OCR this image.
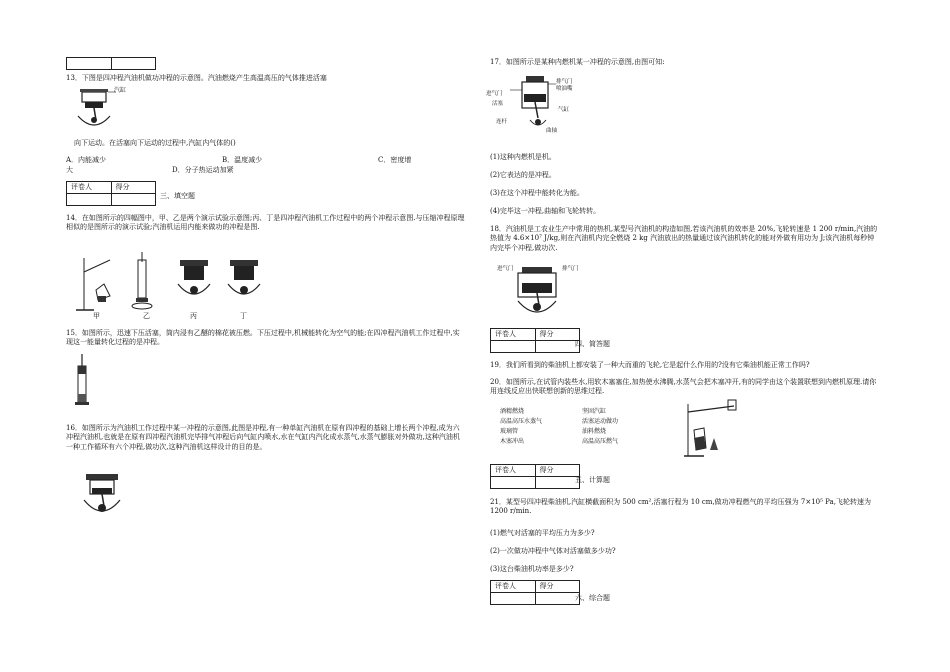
13．下图是四冲程汽油机做功冲程的示意图。汽油燃烧产生高温高压的气体推进活塞
汽缸
向下运动。在活塞向下运动的过程中,汽缸内气体的()
A．内能减少	B．温度减少	C．密度增
大	D．分子热运动加紧
评卷人	得分

三、填空题
14．在如图所示的四幅图中，甲、乙是两个演示试验示意图;丙、丁是四冲程汽油机工作过程中的两个冲程示意图.与压缩冲程原理相似的是图所示的演示试验;汽油机运用内能来做功的冲程是图.
甲	乙	丙	丁
15．如图所示，迅速下压活塞，筒内浸有乙醚的棉花被压燃。下压过程中,机械能转化为空气的能;在四冲程汽油机工作过程中,实现这一能量转化过程的是冲程。
16．如图所示为汽油机工作过程中某一冲程的示意图,此图是冲程,有一种单缸汽油机在原有四冲程的基础上增长两个冲程,成为六冲程汽油机,也就是在原有四冲程汽油机完毕排气冲程后向气缸内喷水,水在气缸内汽化成水蒸气,水蒸气膨胀对外做功,这种汽油机一种工作循环有六个冲程,做功次,这种汽油机这样设计的目的是。
17．如图所示是某种内燃机某一冲程的示意图,由图可知:
排气门
喷油嘴
进气门
活塞
气缸
连杆
曲轴
(1)这种内燃机是机。
(2)它表达的是冲程。
(3)在这个冲程中能转化为能。
(4)完毕这一冲程,曲轴和飞轮转转。
18．汽油机是工农业生产中常用的热机,某型号汽油机的构造如图,若该汽油机的效率是 20%,飞轮转速是 1 200 r/min,汽油的热值为 4.6×10⁷ J/kg,则在汽油机内完全燃烧 2 kg 汽油放出的热量通过该汽油机转化的能对外做有用功为 J;该汽油机每秒钟内完毕个冲程,做功次.
进气门	排气门
评卷人	得分

四、简答题
19．我们所看到的柴油机上都安装了一种大而重的飞轮,它是起什么作用的?没有它柴油机能正常工作吗?
20．如图所示,在试管内装些水,用软木塞塞住,加热使水沸腾,水蒸气会把木塞冲开,有的同学由这个装置联想到内燃机原理.请你用连线反应出快联想创新的思维过程.
酒精燃烧
高温高压水蒸气
玻璃管
木塞冲出
坚固汽缸
活塞运动做功
油料燃烧
高温高压燃气
评卷人	得分

五、计算题
21．某型号四冲程柴油机,汽缸横截面积为 500 cm²,活塞行程为 10 cm,做功冲程燃气的平均压强为 7×10⁵ Pa,飞轮转速为 1200 r/min.
(1)燃气对活塞的平均压力为多少?
(2)一次做功冲程中气体对活塞做多少功?
(3)这台柴油机功率是多少?
评卷人	得分

六、综合题
